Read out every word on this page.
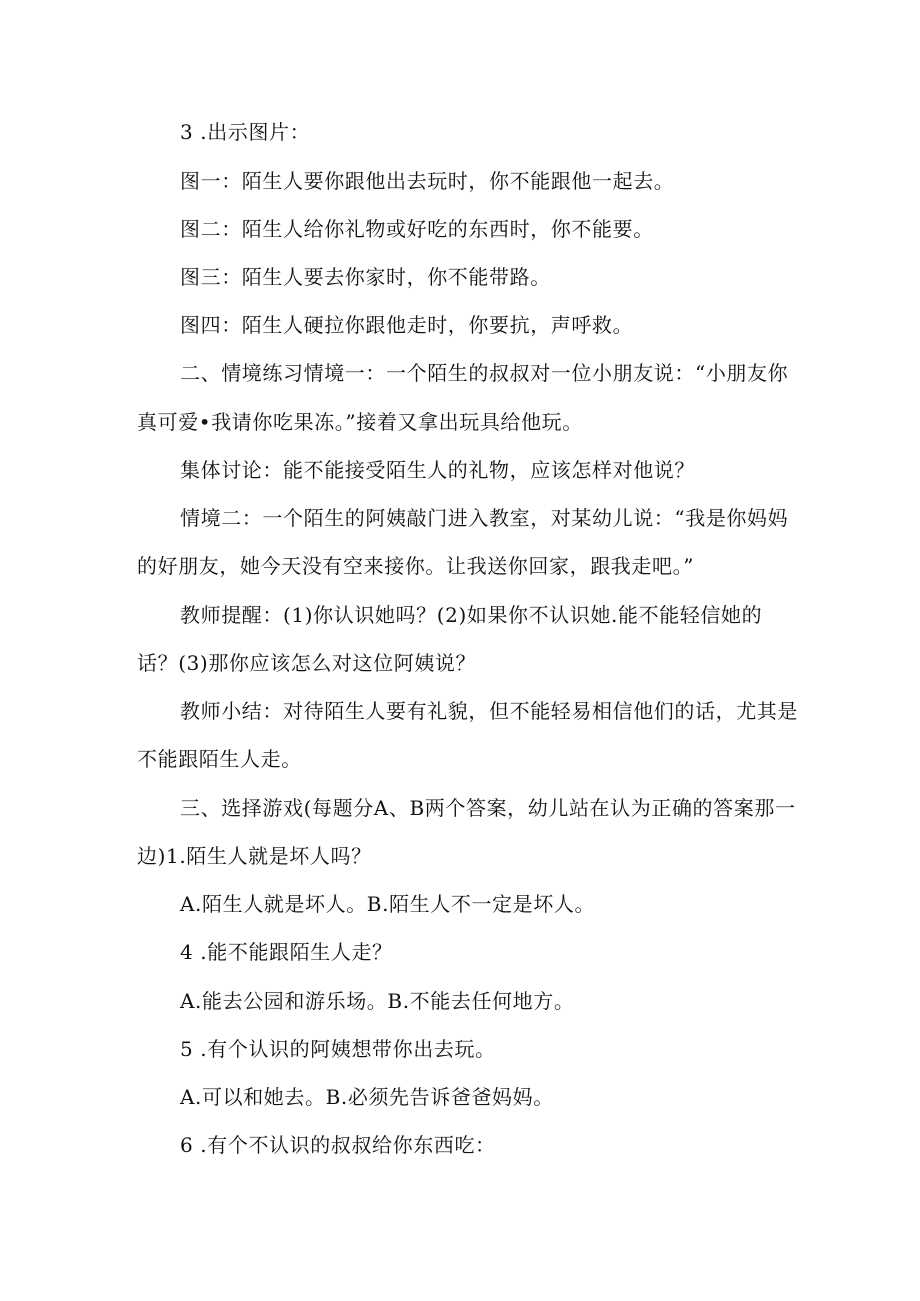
3 .出示图片：

图一：陌生人要你跟他出去玩时，你不能跟他一起去。

图二：陌生人给你礼物或好吃的东西时，你不能要。

图三：陌生人要去你家时，你不能带路。

图四：陌生人硬拉你跟他走时，你要抗，声呼救。

二、情境练习情境一：一个陌生的叔叔对一位小朋友说：“小朋友你

真可爱•我请你吃果冻。”接着又拿出玩具给他玩。

集体讨论：能不能接受陌生人的礼物，应该怎样对他说？

情境二：一个陌生的阿姨敲门进入教室，对某幼儿说：“我是你妈妈

的好朋友，她今天没有空来接你。让我送你回家，跟我走吧。”

教师提醒：(1)你认识她吗？(2)如果你不认识她.能不能轻信她的

话？(3)那你应该怎么对这位阿姨说？

教师小结：对待陌生人要有礼貌，但不能轻易相信他们的话，尤其是

不能跟陌生人走。

三、选择游戏(每题分A、B两个答案，幼儿站在认为正确的答案那一

边)1.陌生人就是坏人吗？

A.陌生人就是坏人。B.陌生人不一定是坏人。

4 .能不能跟陌生人走？

A.能去公园和游乐场。B.不能去任何地方。

5 .有个认识的阿姨想带你出去玩。

A.可以和她去。B.必须先告诉爸爸妈妈。

6 .有个不认识的叔叔给你东西吃：
